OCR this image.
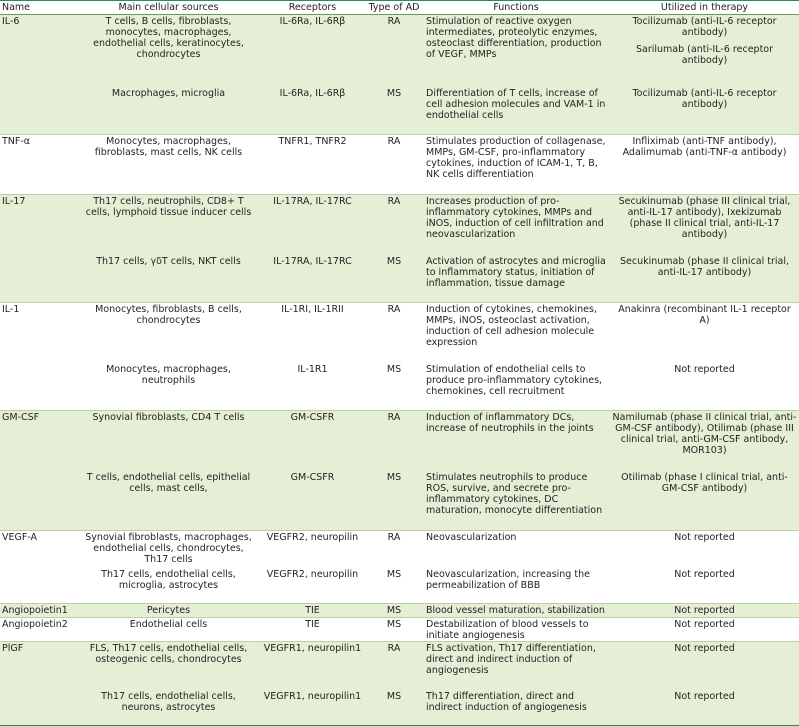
Name	Main cellular sources	Receptors	Type of AD	Functions	Utilized in therapy
IL-6	T cells, B cells, fibroblasts, monocytes, macrophages, endothelial cells, keratinocytes, chondrocytes	IL-6Ra, IL-6Rβ	RA	Stimulation of reactive oxygen intermediates, proteolytic enzymes, osteoclast differentiation, production of VEGF, MMPs	Tocilizumab (anti-IL-6 receptor antibody)
Sarilumab (anti-IL-6 receptor antibody)

	Macrophages, microglia	IL-6Ra, IL-6Rβ	MS	Differentiation of T cells, increase of cell adhesion molecules and VAM-1 in endothelial cells	Tocilizumab (anti-IL-6 receptor antibody)

TNF-α	Monocytes, macrophages, fibroblasts, mast cells, NK cells	TNFR1, TNFR2	RA	Stimulates production of collagenase, MMPs, GM-CSF, pro-inflammatory cytokines, induction of ICAM-1, T, B, NK cells differentiation	Infliximab (anti-TNF antibody), Adalimumab (anti-TNF-α antibody)

IL-17	Th17 cells, neutrophils, CD8+ T cells, lymphoid tissue inducer cells	IL-17RA, IL-17RC	RA	Increases production of pro-inflammatory cytokines, MMPs and iNOS, induction of cell infiltration and neovascularization	Secukinumab (phase III clinical trial, anti-IL-17 antibody), Ixekizumab (phase II clinical trial, anti-IL-17 antibody)

	Th17 cells, γδT cells, NKT cells	IL-17RA, IL-17RC	MS	Activation of astrocytes and microglia to inflammatory status, initiation of inflammation, tissue damage	Secukinumab (phase II clinical trial, anti-IL-17 antibody)

IL-1	Monocytes, fibroblasts, B cells, chondrocytes	IL-1RI, IL-1RII	RA	Induction of cytokines, chemokines, MMPs, iNOS, osteoclast activation, induction of cell adhesion molecule expression	Anakinra (recombinant IL-1 receptor A)

	Monocytes, macrophages, neutrophils	IL-1R1	MS	Stimulation of endothelial cells to produce pro-inflammatory cytokines, chemokines, cell recruitment	Not reported

GM-CSF	Synovial fibroblasts, CD4 T cells	GM-CSFR	RA	Induction of inflammatory DCs, increase of neutrophils in the joints	Namilumab (phase II clinical trial, anti-GM-CSF antibody), Otilimab (phase III clinical trial, anti-GM-CSF antibody, MOR103)

	T cells, endothelial cells, epithelial cells, mast cells,	GM-CSFR	MS	Stimulates neutrophils to produce ROS, survive, and secrete pro-inflammatory cytokines, DC maturation, monocyte differentiation	Otilimab (phase I clinical trial, anti-GM-CSF antibody)

VEGF-A	Synovial fibroblasts, macrophages, endothelial cells, chondrocytes, Th17 cells	VEGFR2, neuropilin	RA	Neovascularization	Not reported

	Th17 cells, endothelial cells, microglia, astrocytes	VEGFR2, neuropilin	MS	Neovascularization, increasing the permeabilization of BBB	Not reported

Angiopoietin1	Pericytes	TIE	MS	Blood vessel maturation, stabilization	Not reported

Angiopoietin2	Endothelial cells	TIE	MS	Destabilization of blood vessels to initiate angiogenesis	Not reported

PlGF	FLS, Th17 cells, endothelial cells, osteogenic cells, chondrocytes	VEGFR1, neuropilin1	RA	FLS activation, Th17 differentiation, direct and indirect induction of angiogenesis	Not reported

	Th17 cells, endothelial cells, neurons, astrocytes	VEGFR1, neuropilin1	MS	Th17 differentiation, direct and indirect induction of angiogenesis	Not reported
